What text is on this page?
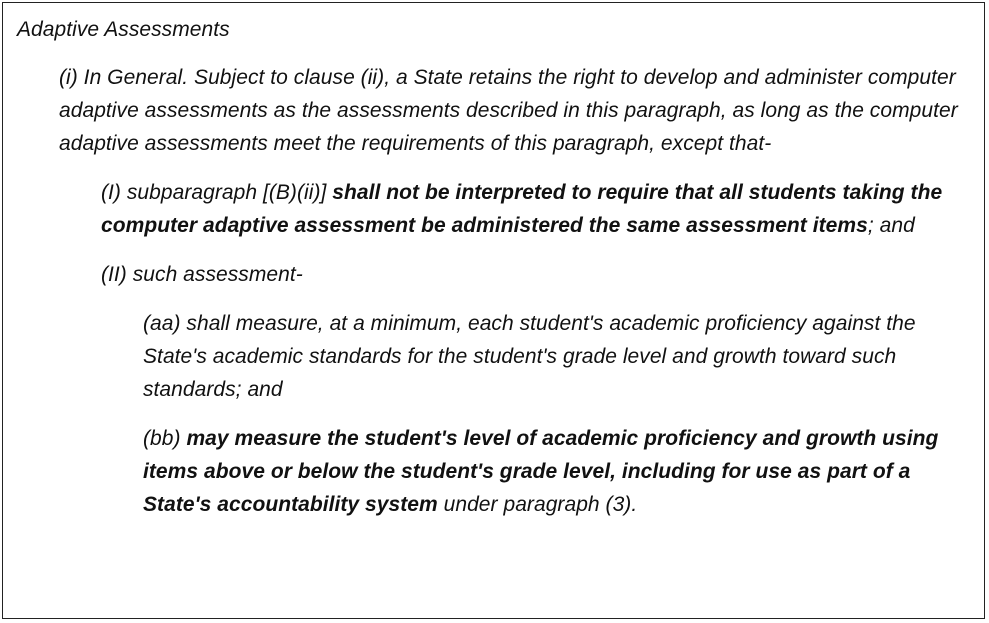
Adaptive Assessments

(i) In General. Subject to clause (ii), a State retains the right to develop and administer computer adaptive assessments as the assessments described in this paragraph, as long as the computer adaptive assessments meet the requirements of this paragraph, except that-

(I) subparagraph [(B)(ii)] shall not be interpreted to require that all students taking the computer adaptive assessment be administered the same assessment items; and

(II) such assessment-

(aa) shall measure, at a minimum, each student's academic proficiency against the State's academic standards for the student's grade level and growth toward such standards; and

(bb) may measure the student's level of academic proficiency and growth using items above or below the student's grade level, including for use as part of a State's accountability system under paragraph (3).
